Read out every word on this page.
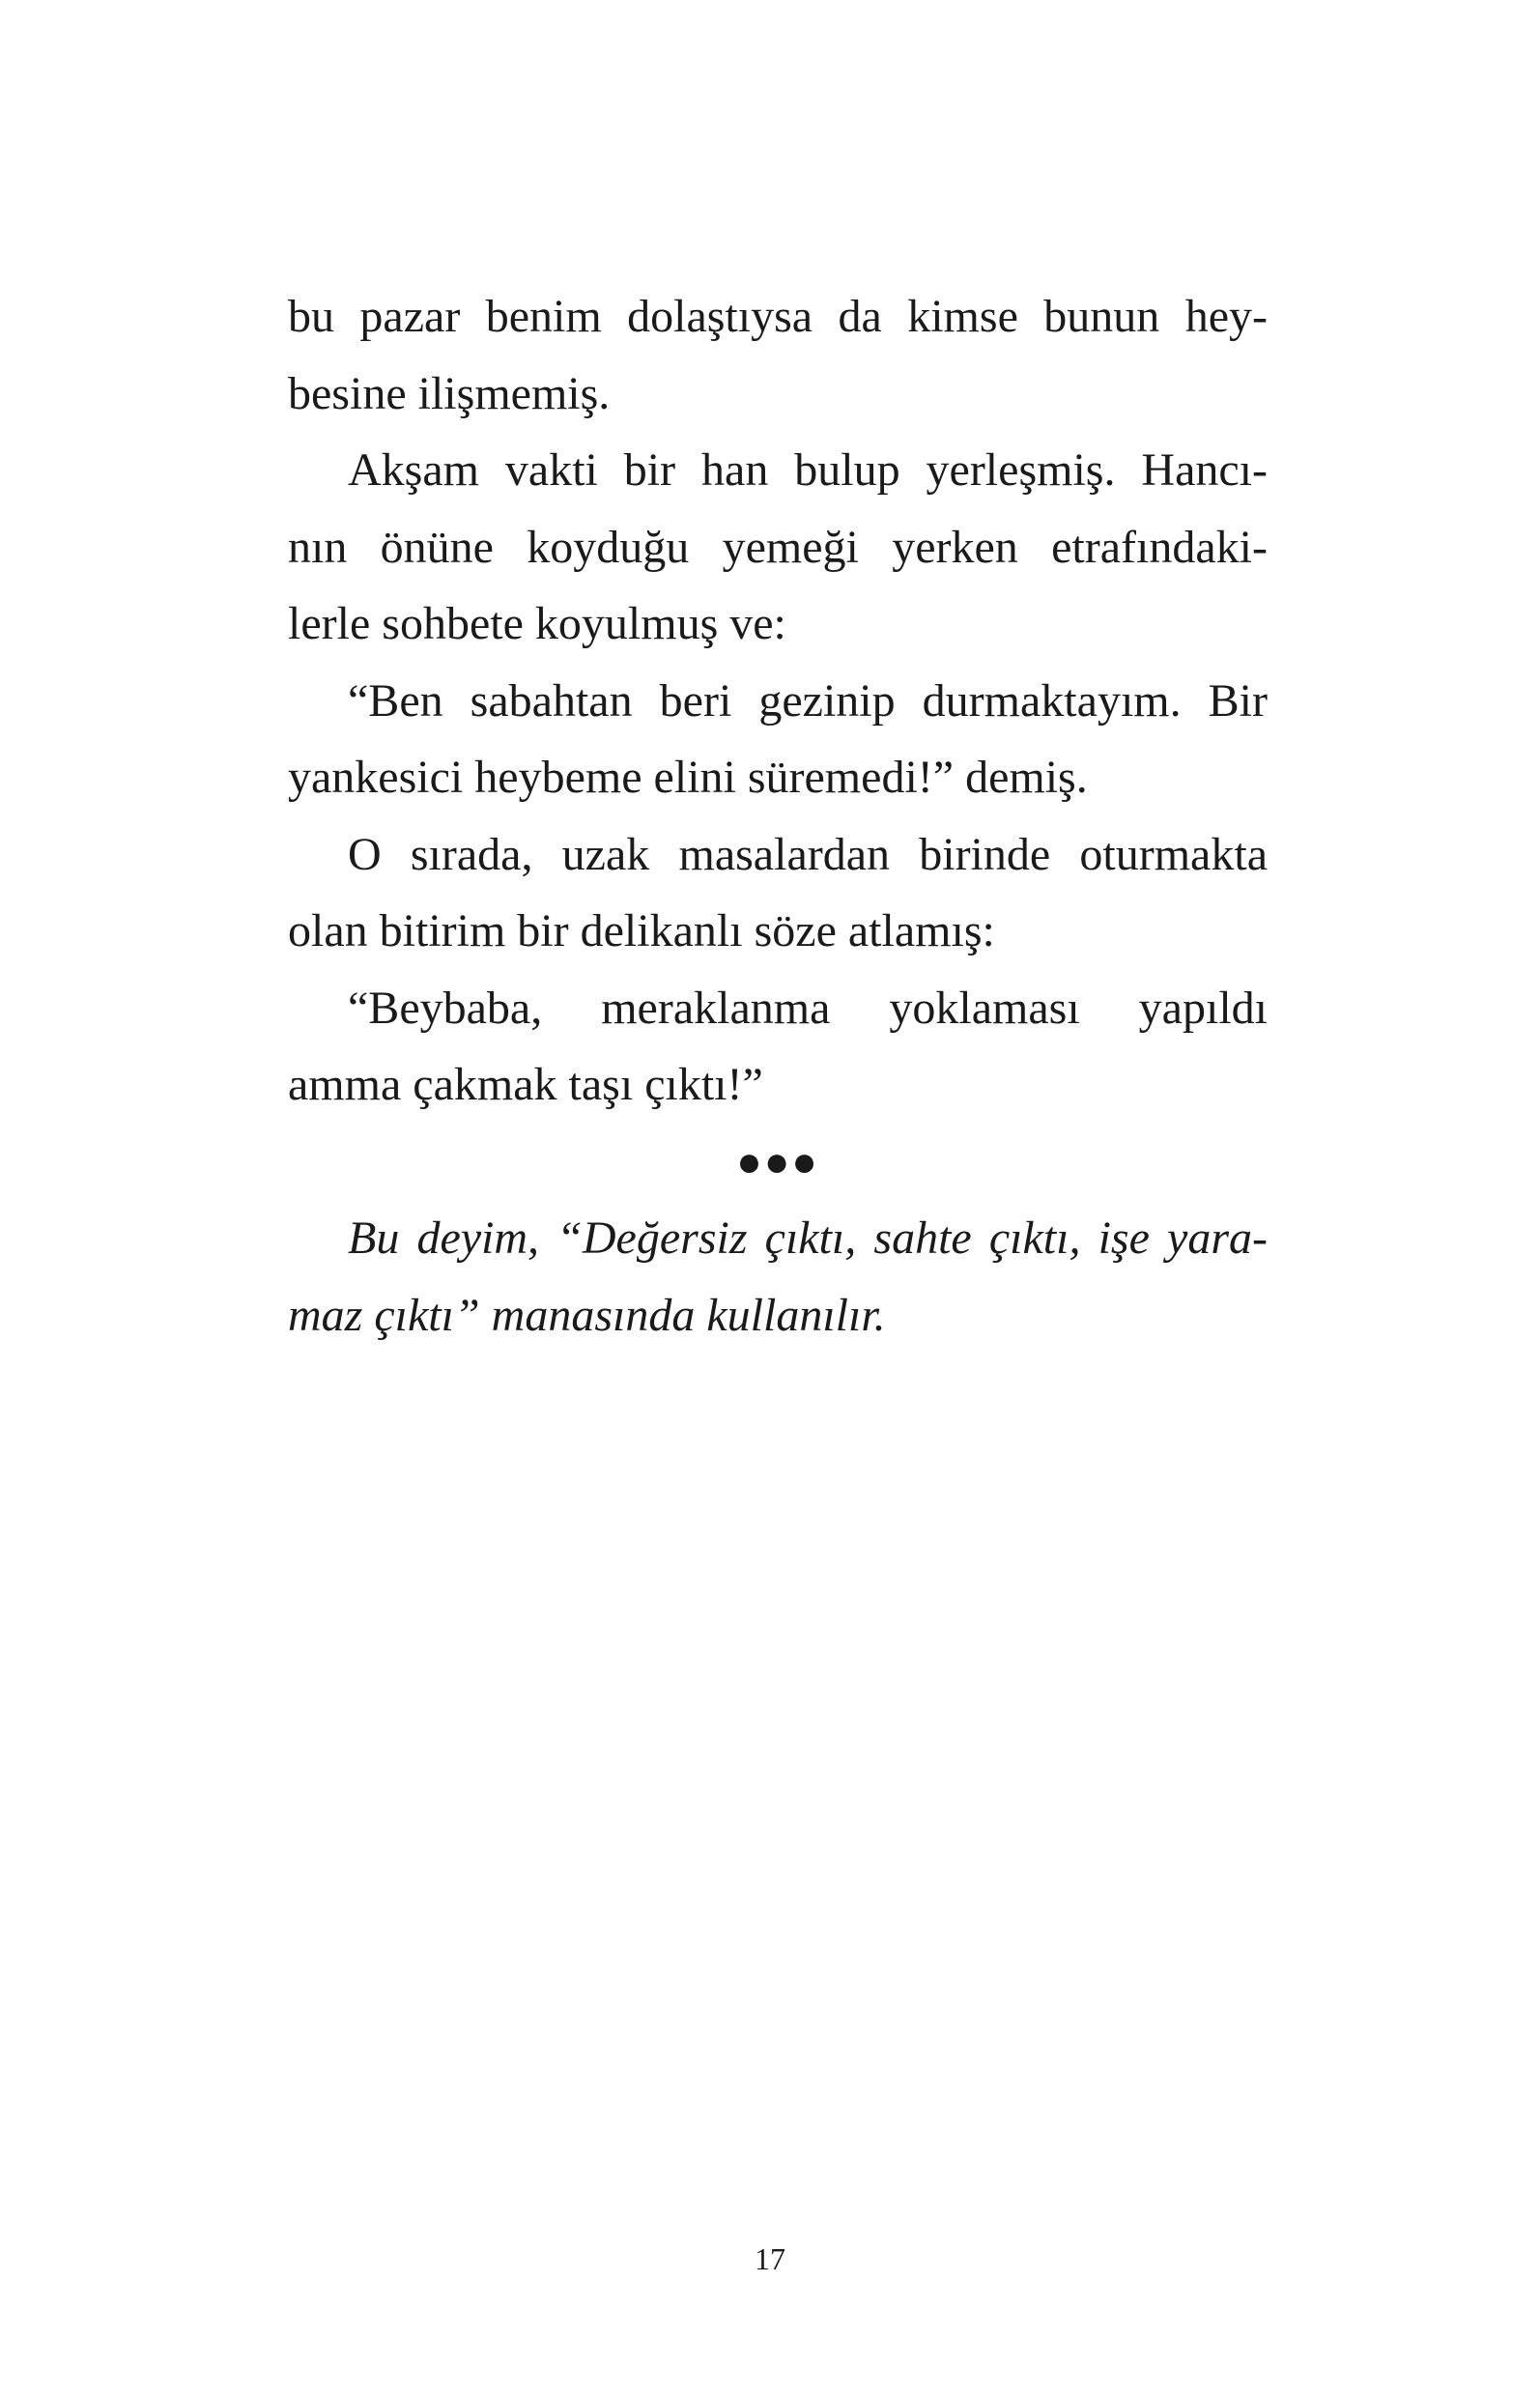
bu pazar benim dolaştıysa da kimse bunun hey-
besine ilişmemiş.
Akşam vakti bir han bulup yerleşmiş. Hancı-
nın önüne koyduğu yemeği yerken etrafındaki-
lerle sohbete koyulmuş ve:
“Ben sabahtan beri gezinip durmaktayım. Bir
yankesici heybeme elini süremedi!” demiş.
O sırada, uzak masalardan birinde oturmakta
olan bitirim bir delikanlı söze atlamış:
“Beybaba, meraklanma yoklaması yapıldı
amma çakmak taşı çıktı!”
●●●
Bu deyim, “Değersiz çıktı, sahte çıktı, işe yara-
maz çıktı” manasında kullanılır.
17
